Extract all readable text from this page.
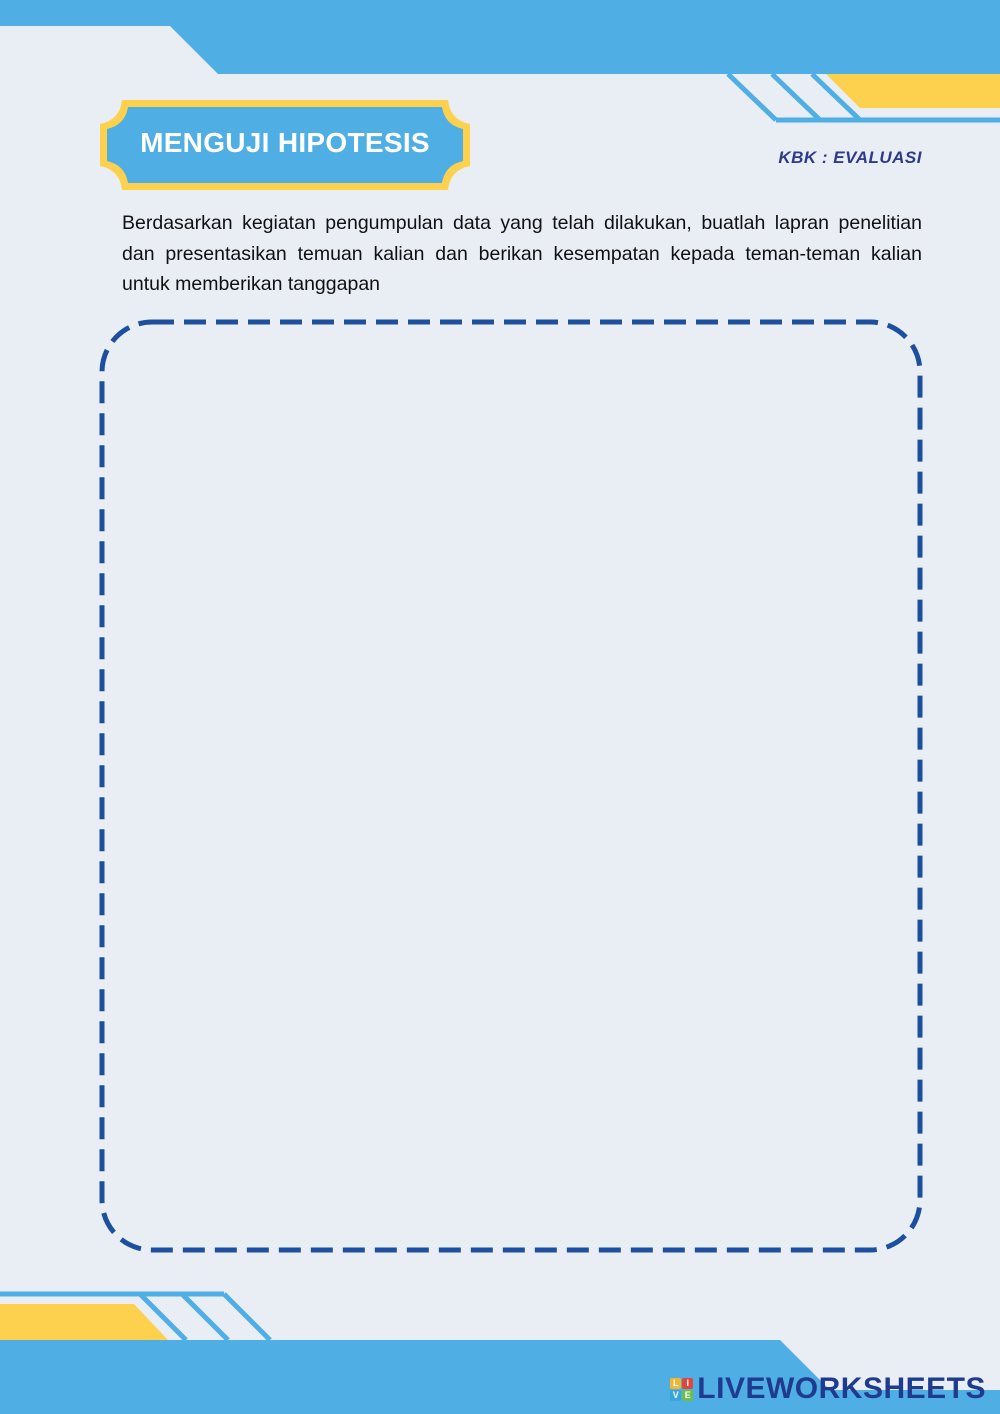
MENGUJI HIPOTESIS	KBK : EVALUASI

Berdasarkan kegiatan pengumpulan data yang telah dilakukan, buatlah lapran penelitian dan presentasikan temuan kalian dan berikan kesempatan kepada teman-teman kalian untuk memberikan tanggapan

L I
V E LIVEWORKSHEETS
